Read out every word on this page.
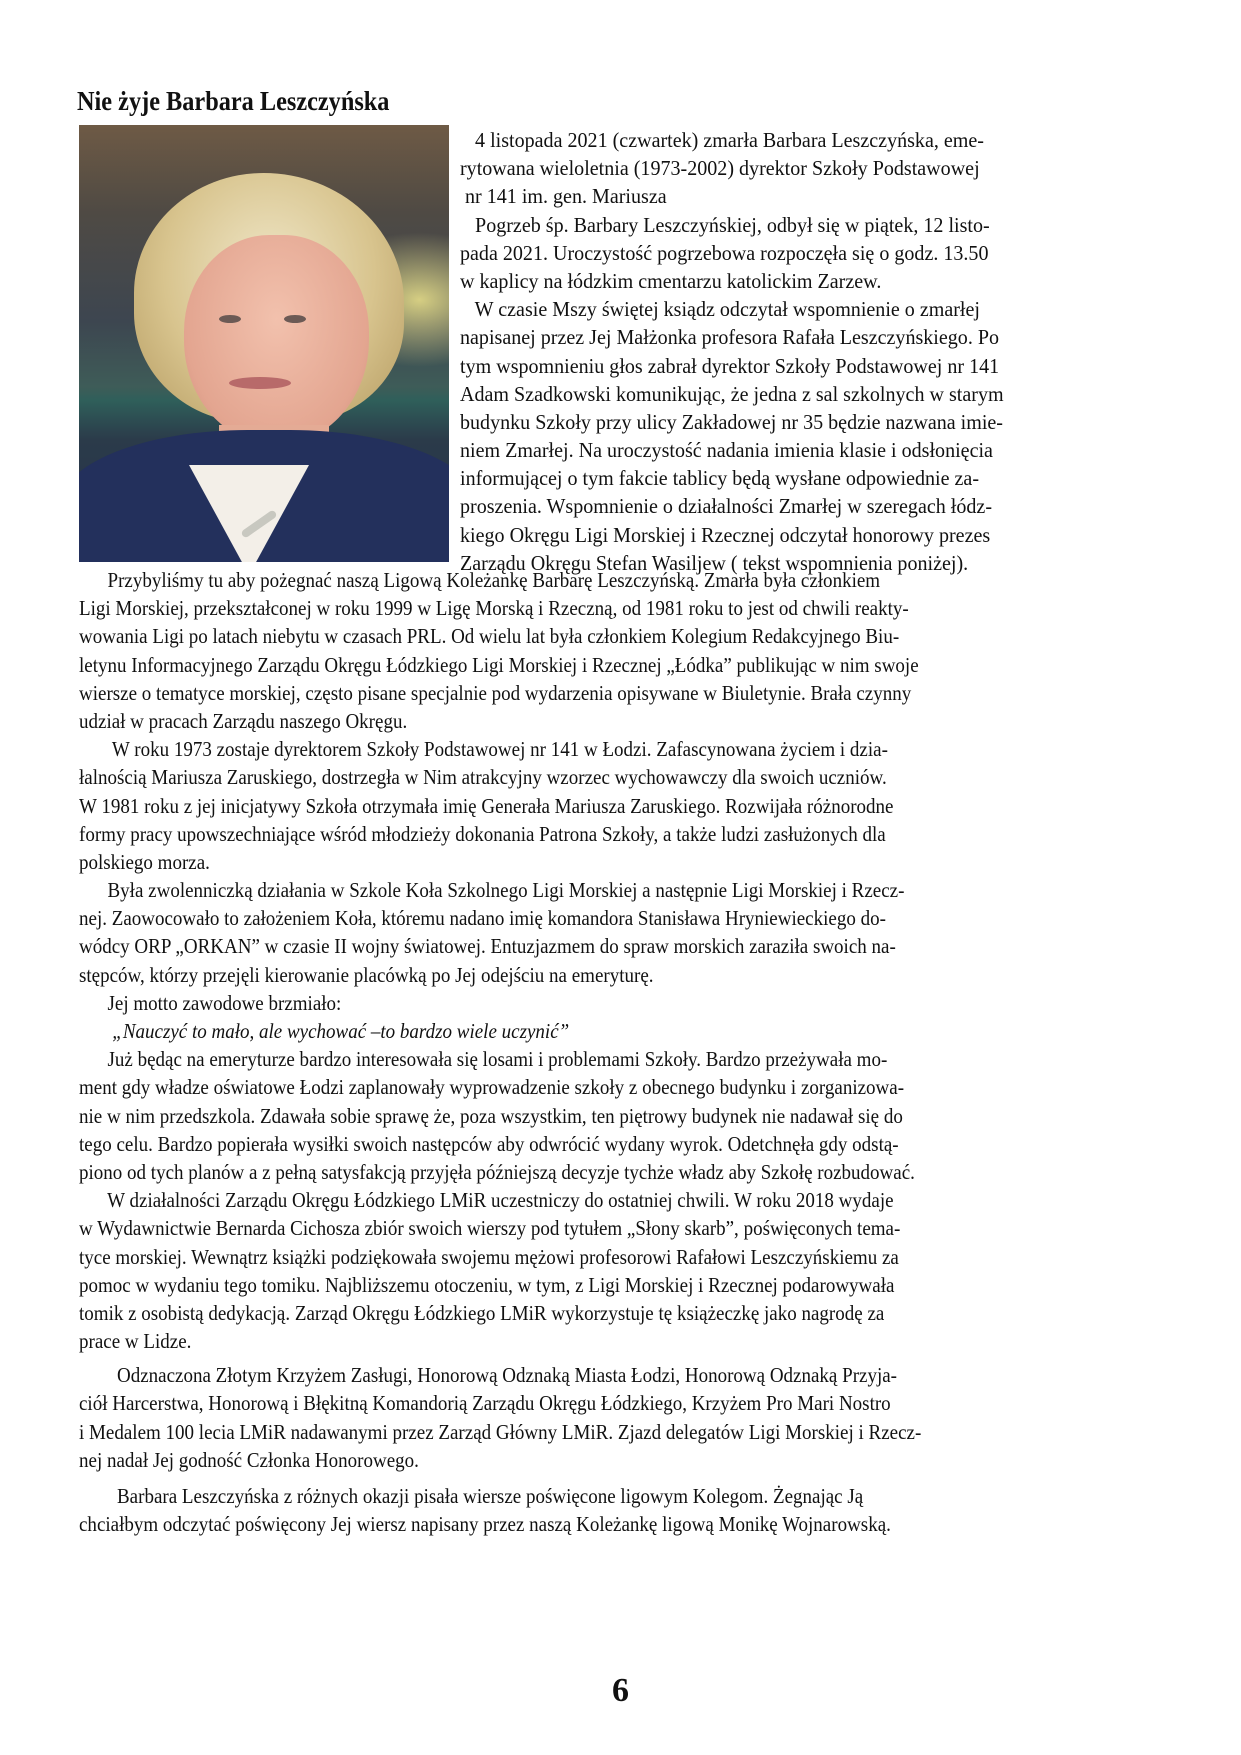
Nie żyje Barbara Leszczyńska
4 listopada 2021 (czwartek) zmarła Barbara Leszczyńska, eme-
rytowana wieloletnia (1973-2002) dyrektor Szkoły Podstawowej
nr 141 im. gen. Mariusza
Pogrzeb śp. Barbary Leszczyńskiej, odbył się w piątek, 12 listo-
pada 2021. Uroczystość pogrzebowa rozpoczęła się o godz. 13.50
w kaplicy na łódzkim cmentarzu katolickim Zarzew.
W czasie Mszy świętej ksiądz odczytał wspomnienie o zmarłej
napisanej przez Jej Małżonka profesora Rafała Leszczyńskiego. Po
tym wspomnieniu głos zabrał dyrektor Szkoły Podstawowej nr 141
Adam Szadkowski komunikując, że jedna z sal szkolnych w starym
budynku Szkoły przy ulicy Zakładowej nr 35 będzie nazwana imie-
niem Zmarłej. Na uroczystość nadania imienia klasie i odsłonięcia
informującej o tym fakcie tablicy będą wysłane odpowiednie za-
proszenia. Wspomnienie o działalności Zmarłej w szeregach łódz-
kiego Okręgu Ligi Morskiej i Rzecznej odczytał honorowy prezes
Zarządu Okręgu Stefan Wasiljew ( tekst wspomnienia poniżej).
Przybyliśmy tu aby pożegnać naszą Ligową Koleżankę Barbarę Leszczyńską. Zmarła była członkiem
Ligi Morskiej, przekształconej w roku 1999 w Ligę Morską i Rzeczną, od 1981 roku to jest od chwili reakty-
wowania Ligi po latach niebytu w czasach PRL. Od wielu lat była członkiem Kolegium Redakcyjnego Biu-
letynu Informacyjnego Zarządu Okręgu Łódzkiego Ligi Morskiej i Rzecznej „Łódka” publikując w nim swoje
wiersze o tematyce morskiej, często pisane specjalnie pod wydarzenia opisywane w Biuletynie. Brała czynny
udział w pracach Zarządu naszego Okręgu.
W roku 1973 zostaje dyrektorem Szkoły Podstawowej nr 141 w Łodzi. Zafascynowana życiem i dzia-
łalnością Mariusza Zaruskiego, dostrzegła w Nim atrakcyjny wzorzec wychowawczy dla swoich uczniów.
W 1981 roku z jej inicjatywy Szkoła otrzymała imię Generała Mariusza Zaruskiego. Rozwijała różnorodne
formy pracy upowszechniające wśród młodzieży dokonania Patrona Szkoły, a także ludzi zasłużonych dla
polskiego morza.
Była zwolenniczką działania w Szkole Koła Szkolnego Ligi Morskiej a następnie Ligi Morskiej i Rzecz-
nej. Zaowocowało to założeniem Koła, któremu nadano imię komandora Stanisława Hryniewieckiego do-
wódcy ORP „ORKAN” w czasie II wojny światowej. Entuzjazmem do spraw morskich zaraziła swoich na-
stępców, którzy przejęli kierowanie placówką po Jej odejściu na emeryturę.
Jej motto zawodowe brzmiało:
„Nauczyć to mało, ale wychować –to bardzo wiele uczynić”
Już będąc na emeryturze bardzo interesowała się losami i problemami Szkoły. Bardzo przeżywała mo-
ment gdy władze oświatowe Łodzi zaplanowały wyprowadzenie szkoły z obecnego budynku i zorganizowa-
nie w nim przedszkola. Zdawała sobie sprawę że, poza wszystkim, ten piętrowy budynek nie nadawał się do
tego celu. Bardzo popierała wysiłki swoich następców aby odwrócić wydany wyrok. Odetchnęła gdy odstą-
piono od tych planów a z pełną satysfakcją przyjęła późniejszą decyzje tychże władz aby Szkołę rozbudować.
W działalności Zarządu Okręgu Łódzkiego LMiR uczestniczy do ostatniej chwili. W roku 2018 wydaje
w Wydawnictwie Bernarda Cichosza zbiór swoich wierszy pod tytułem „Słony skarb”, poświęconych tema-
tyce morskiej. Wewnątrz książki podziękowała swojemu mężowi profesorowi Rafałowi Leszczyńskiemu za
pomoc w wydaniu tego tomiku. Najbliższemu otoczeniu, w tym, z Ligi Morskiej i Rzecznej podarowywała
tomik z osobistą dedykacją. Zarząd Okręgu Łódzkiego LMiR wykorzystuje tę książeczkę jako nagrodę za
prace w Lidze.
Odznaczona Złotym Krzyżem Zasługi, Honorową Odznaką Miasta Łodzi, Honorową Odznaką Przyja-
ciół Harcerstwa, Honorową i Błękitną Komandorią Zarządu Okręgu Łódzkiego, Krzyżem Pro Mari Nostro
i Medalem 100 lecia LMiR nadawanymi przez Zarząd Główny LMiR. Zjazd delegatów Ligi Morskiej i Rzecz-
nej nadał Jej godność Członka Honorowego.
Barbara Leszczyńska z różnych okazji pisała wiersze poświęcone ligowym Kolegom. Żegnając Ją
chciałbym odczytać poświęcony Jej wiersz napisany przez naszą Koleżankę ligową Monikę Wojnarowską.
6
